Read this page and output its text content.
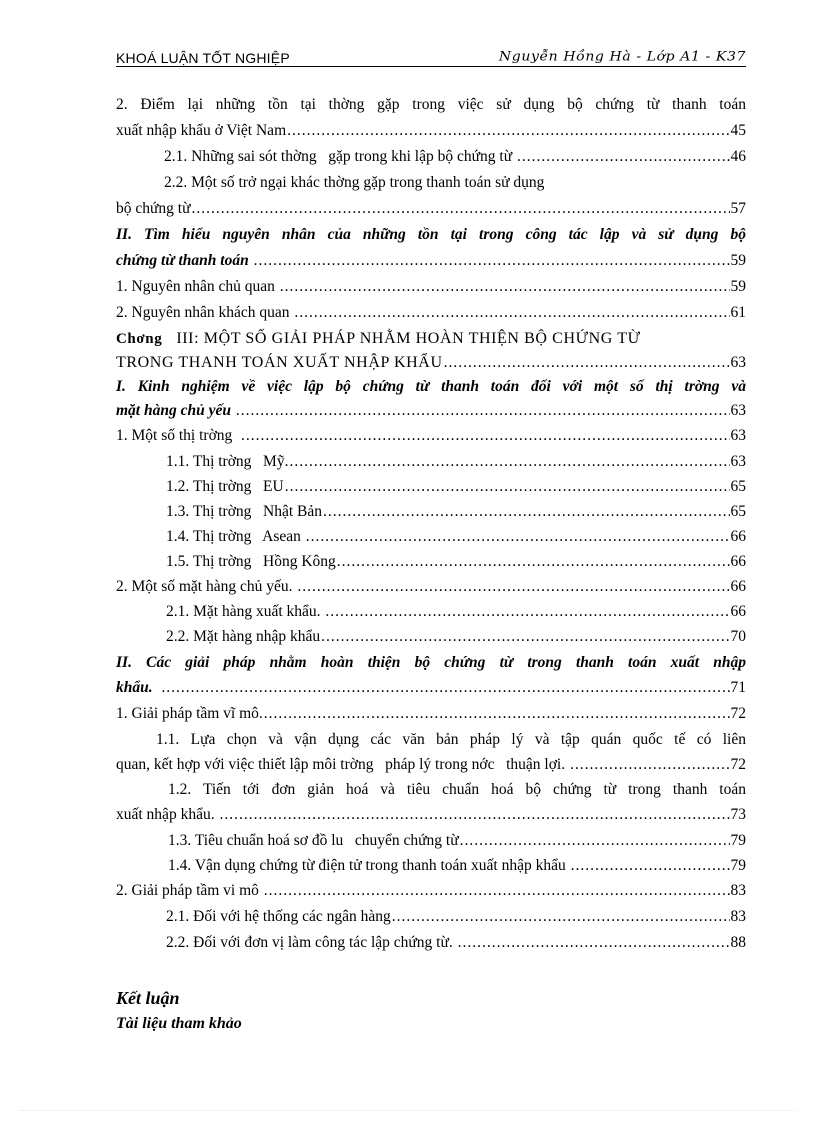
KHOÁ LUẬN TỐT NGHIỆP	Nguyễn Hồng Hà - Lớp A1 - K37
2. Điểm lại những tồn tại thờng gặp trong việc sử dụng bộ chứng từ thanh toán
xuất nhập khẩu ở Việt Nam .....	45
2.1. Những sai sót thờng   gặp trong khi lập bộ chứng từ .....	46
2.2. Một số trở ngại khác thờng gặp trong thanh toán sử dụng
bộ chứng từ .....	57
II. Tìm hiểu nguyên nhân của những tồn tại trong công tác lập và sử dụng bộ
chứng từ thanh toán .....	59
1. Nguyên nhân chủ quan .....	59
2. Nguyên nhân khách quan .....	61
Chơng III: MỘT SỐ GIẢI PHÁP NHẰM HOÀN THIỆN BỘ CHỨNG TỪ
TRONG THANH TOÁN XUẤT NHẬP KHẨU .....	63
I. Kinh nghiệm về việc lập bộ chứng từ thanh toán đối với một số thị trờng và
mặt hàng chủ yếu .....	63
1. Một số thị trờng .....	63
1.1. Thị trờng   Mỹ. .....	63
1.2. Thị trờng   EU .....	65
1.3. Thị trờng   Nhật Bản .....	65
1.4. Thị trờng   Asean .....	66
1.5. Thị trờng   Hồng Kông .....	66
2. Một số mặt hàng chủ yếu. .....	66
2.1. Mặt hàng xuất khẩu. .....	66
2.2. Mặt hàng nhập khẩu .....	70
II. Các giải pháp nhằm hoàn thiện bộ chứng từ trong thanh toán xuất nhập
khẩu. .....	71
1. Giải pháp tầm vĩ mô. .....	72
1.1. Lựa chọn và vận dụng các văn bản pháp lý và tập quán quốc tế có liên
quan, kết hợp với việc thiết lập môi trờng   pháp lý trong nớc   thuận lợi. .....	72
1.2. Tiến tới đơn giản hoá và tiêu chuẩn hoá bộ chứng từ trong thanh toán
xuất nhập khẩu. .....	73
1.3. Tiêu chuẩn hoá sơ đồ lu   chuyển chứng từ .....	79
1.4. Vận dụng chứng từ điện tử trong thanh toán xuất nhập khẩu .....	79
2. Giải pháp tầm vi mô .....	83
2.1. Đối với hệ thống các ngân hàng .....	83
2.2. Đối với đơn vị làm công tác lập chứng từ. .....	88
Kết luận
Tài liệu tham khảo
